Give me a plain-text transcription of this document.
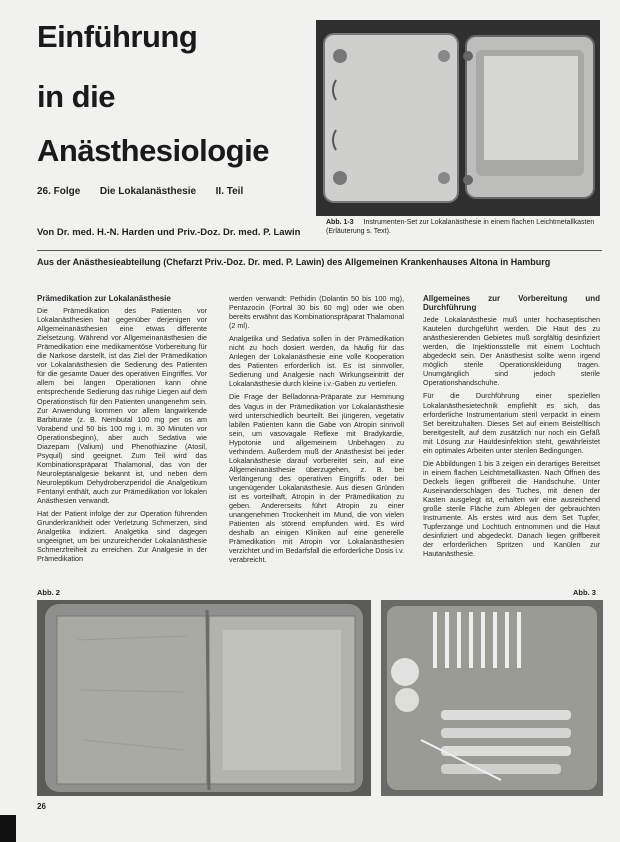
Einführung
in die
Anästhesiologie
26. Folge Die Lokalanästhesie II. Teil
Von Dr. med. H.-N. Harden und Priv.-Doz. Dr. med. P. Lawin
Abb. 1-3 Instrumenten-Set zur Lokalanästhesie in einem flachen Leichtmetallkasten (Erläuterung s. Text).
Aus der Anästhesieabteilung (Chefarzt Priv.-Doz. Dr. med. P. Lawin) des Allgemeinen Krankenhauses Altona in Hamburg
Prämedikation zur Lokalanästhesie

Die Prämedikation des Patienten vor Lokalanästhesien hat gegenüber derjenigen vor Allgemeinanästhesien eine etwas differente Zielsetzung. Während vor Allgemeinanästhesien die Prämedikation eine medikamentöse Vorbereitung für die Narkose darstellt, ist das Ziel der Prämedikation vor Lokalanästhesien die Sedierung des Patienten für die gesamte Dauer des operativen Eingriffes. Vor allem bei langen Operationen kann ohne entsprechende Sedierung das ruhige Liegen auf dem Operationstisch für den Patienten unangenehm sein. Zur Anwendung kommen vor allem langwirkende Barbiturate (z. B. Nembutal 100 mg per os am Vorabend und 50 bis 100 mg i. m. 30 Minuten vor Operationsbeginn), aber auch Sedativa wie Diazepam (Valium) und Phenothiazine (Atosil, Psyquil) sind geeignet. Zum Teil wird das Kombinationspräparat Thalamonal, das von der Neuroleptanalgesie bekannt ist, und neben dem Neuroleptikum Dehydrobenzperidol die Analgetikum Fentanyl enthält, auch zur Prämedikation vor lokalen Anästhesien verwandt.

Hat der Patient infolge der zur Operation führenden Grunderkrankheit oder Verletzung Schmerzen, sind Analgetika indiziert. Analgetika sind dagegen ungeeignet, um bei unzureichender Lokalanästhesie Schmerzfreiheit zu erreichen. Zur Analgesie in der Prämedikation

werden verwandt: Pethidin (Dolantin 50 bis 100 mg), Pentazocin (Fortral 30 bis 60 mg) oder wie oben bereits erwähnt das Kombinationspräparat Thalamonal (2 ml).

Analgetika und Sedativa sollen in der Prämedikation nicht zu hoch dosiert werden, da häufig für das Anlegen der Lokalanästhesie eine volle Kooperation des Patienten erforderlich ist. Es ist sinnvoller, Sedierung und Analgesie nach Wirkungseintritt der Lokalanästhesie durch kleine i.v.-Gaben zu vertiefen.

Die Frage der Belladonna-Präparate zur Hemmung des Vagus in der Prämedikation vor Lokalanästhesie wird unterschiedlich beurteilt. Bei jüngeren, vegetativ labilen Patienten kann die Gabe von Atropin sinnvoll sein, um vasovagale Reflexe mit Bradykardie, Hypotonie und allgemeinem Unbehagen zu verhindern. Außerdem muß der Anästhesist bei jeder Lokalanästhesie darauf vorbereitet sein, auf eine Allgemeinanästhesie überzugehen, z. B. bei Verlängerung des operativen Eingriffs oder bei ungenügender Lokalanästhesie. Aus diesen Gründen ist es vorteilhaft, Atropin in der Prämedikation zu geben. Andererseits führt Atropin zu einer unangenehmen Trockenheit im Mund, die von vielen Patienten als störend empfunden wird. Es wird deshalb an einigen Kliniken auf eine generelle Prämedikation mit Atropin vor Lokalanästhesien verzichtet und im Bedarfsfall die erforderliche Dosis i.v. verabreicht.

Allgemeines zur Vorbereitung und Durchführung

Jede Lokalanästhesie muß unter hochaseptischen Kautelen durchgeführt werden. Die Haut des zu anästhesierenden Gebietes muß sorgfältig desinfiziert werden, die Injektionsstelle mit einem Lochtuch abgedeckt sein. Der Anästhesist sollte wenn irgend möglich sterile Operationskleidung tragen. Unumgänglich sind jedoch sterile Operationshandschuhe.

Für die Durchführung einer speziellen Lokalanästhesietechnik empfiehlt es sich, das erforderliche Instrumentarium steril verpackt in einem Set bereitzuhalten. Dieses Set auf einem Beistelltisch bereitgestellt, auf dem zusätzlich nur noch ein Gefäß mit Lösung zur Hautdesinfektion steht, gewährleistet ein optimales Arbeiten unter sterilen Bedingungen.

Die Abbildungen 1 bis 3 zeigen ein derartiges Bereitset in einem flachen Leichtmetallkasten. Nach Öffnen des Deckels liegen griffbereit die Handschuhe. Unter Auseinanderschlagen des Tuches, mit denen der Kasten ausgelegt ist, erhalten wir eine ausreichend große sterile Fläche zum Ablegen der gebrauchten Instrumente. Als erstes wird aus dem Set Tupfer, Tupferzange und Lochtuch entnommen und die Haut desinfiziert und abgedeckt. Danach liegen griffbereit der erforderlichen Spritzen und Kanülen zur Hautanästhesie.

Abb. 2	Abb. 3
26
